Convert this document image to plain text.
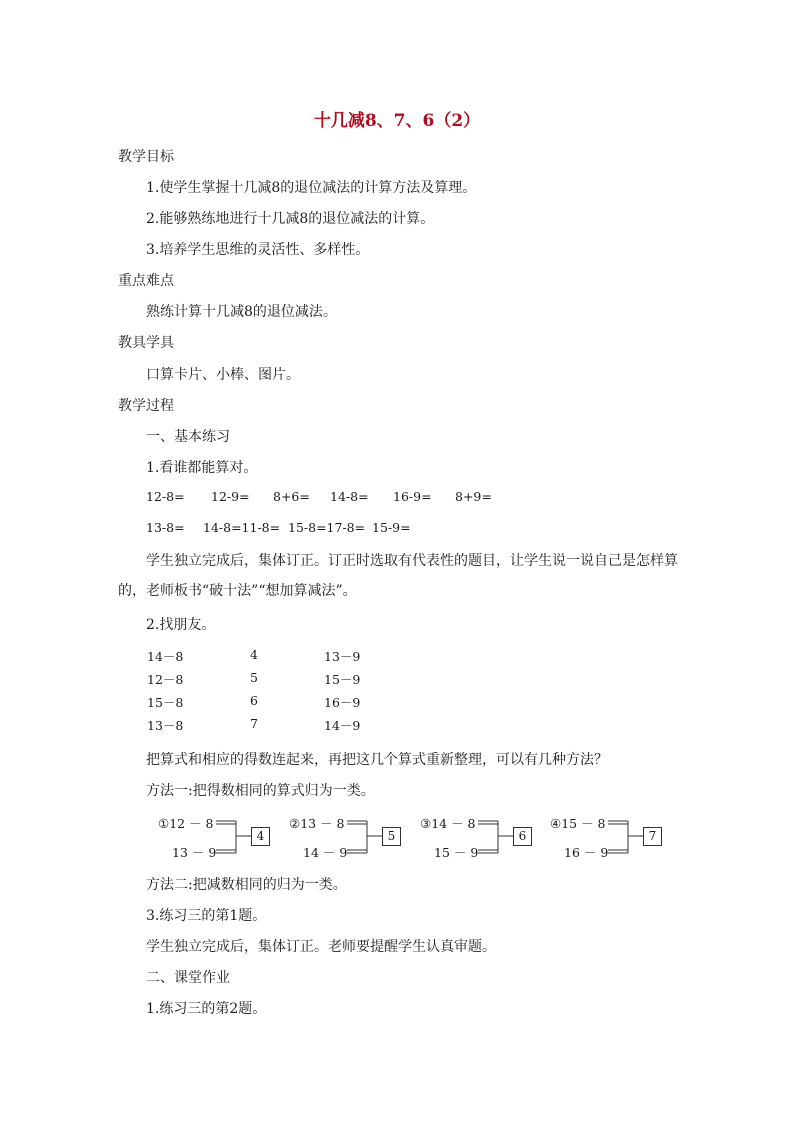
十几减8、7、6（2）
教学目标
1.使学生掌握十几减8的退位减法的计算方法及算理。
2.能够熟练地进行十几减8的退位减法的计算。
3.培养学生思维的灵活性、多样性。
重点难点
熟练计算十几减8的退位减法。
教具学具
口算卡片、小棒、图片。
教学过程
一、基本练习
1.看谁都能算对。
12-8= 12-9= 8+6= 14-8= 16-9= 8+9=
13-8= 14-8=11-8= 15-8=17-8= 15-9=
学生独立完成后，集体订正。订正时选取有代表性的题目，让学生说一说自己是怎样算的，老师板书“破十法”“想加算减法”。
2.找朋友。
14－8	4	13－9
12－8	5	15－9
15－8	6	16－9
13－8	7	14－9
把算式和相应的得数连起来，再把这几个算式重新整理，可以有几种方法？
方法一:把得数相同的算式归为一类。
①12 － 8
13 － 9
4
②13 － 8
14 － 9
5
③14 － 8
15 － 9
6
④15 － 8
16 － 9
7
方法二:把减数相同的归为一类。
3.练习三的第1题。
学生独立完成后，集体订正。老师要提醒学生认真审题。
二、课堂作业
1.练习三的第2题。
